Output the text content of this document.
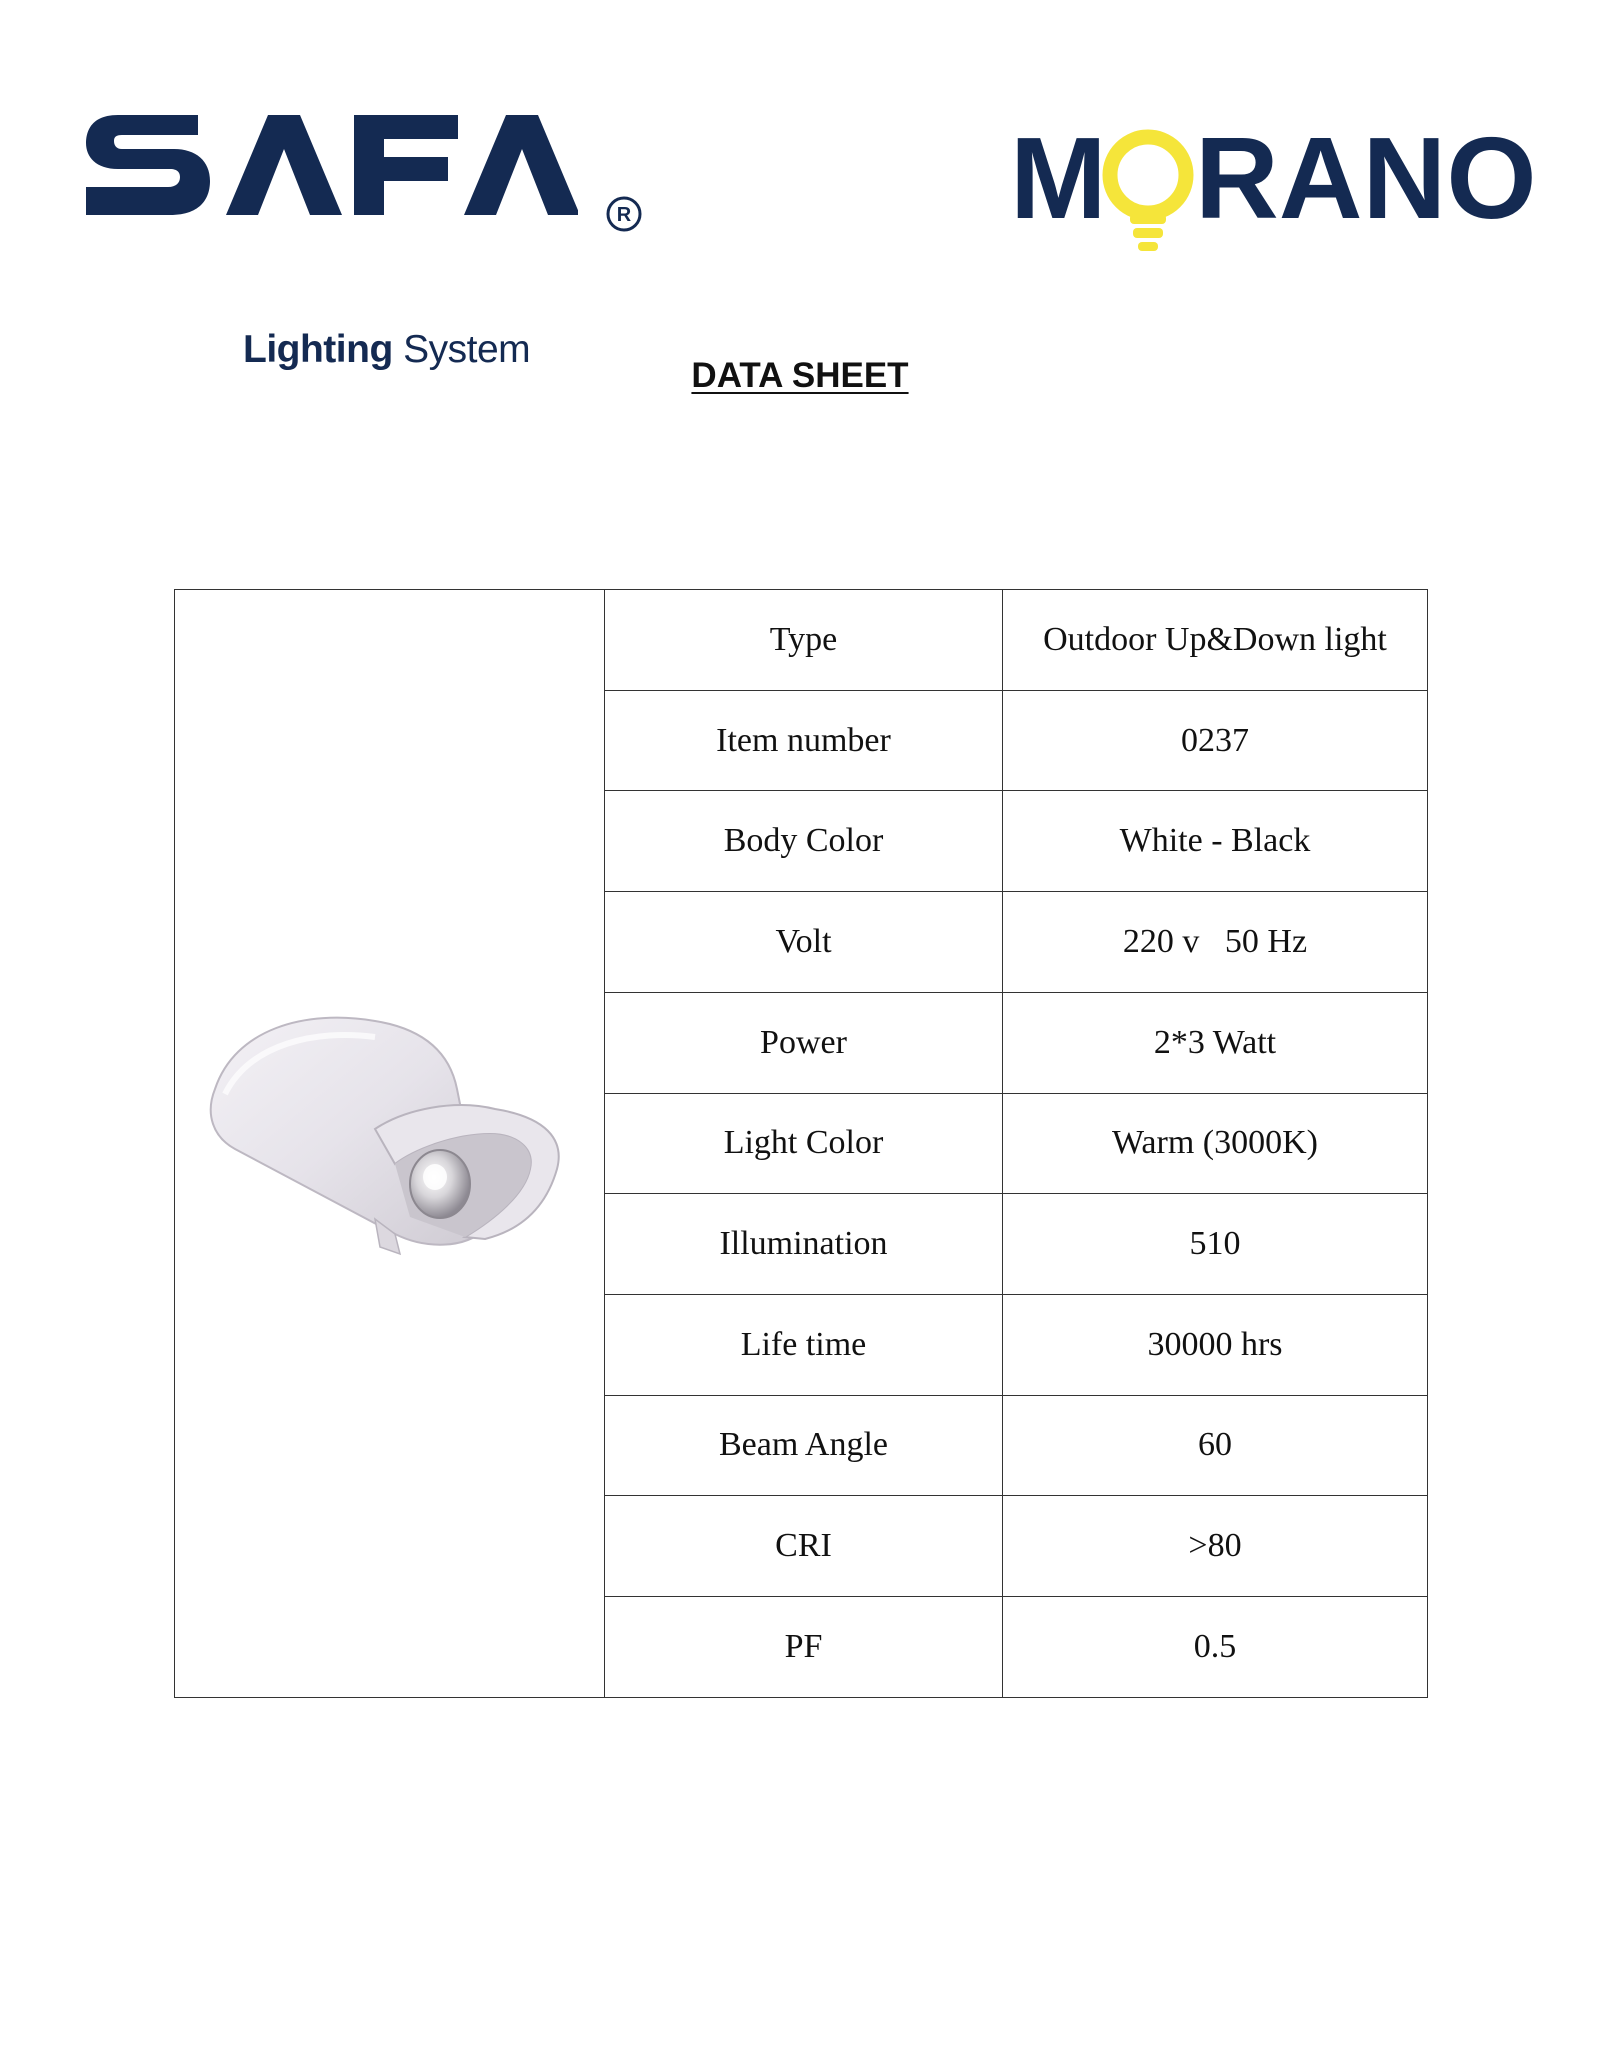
R
Lighting System
M RANO
DATA SHEET

	Type	Outdoor Up&Down light
	Item number	0237
	Body Color	White - Black
	Volt	220 v   50 Hz
	Power	2*3 Watt
	Light Color	Warm (3000K)
	Illumination	510
	Life time	30000 hrs
	Beam Angle	60
	CRI	>80
	PF	0.5
